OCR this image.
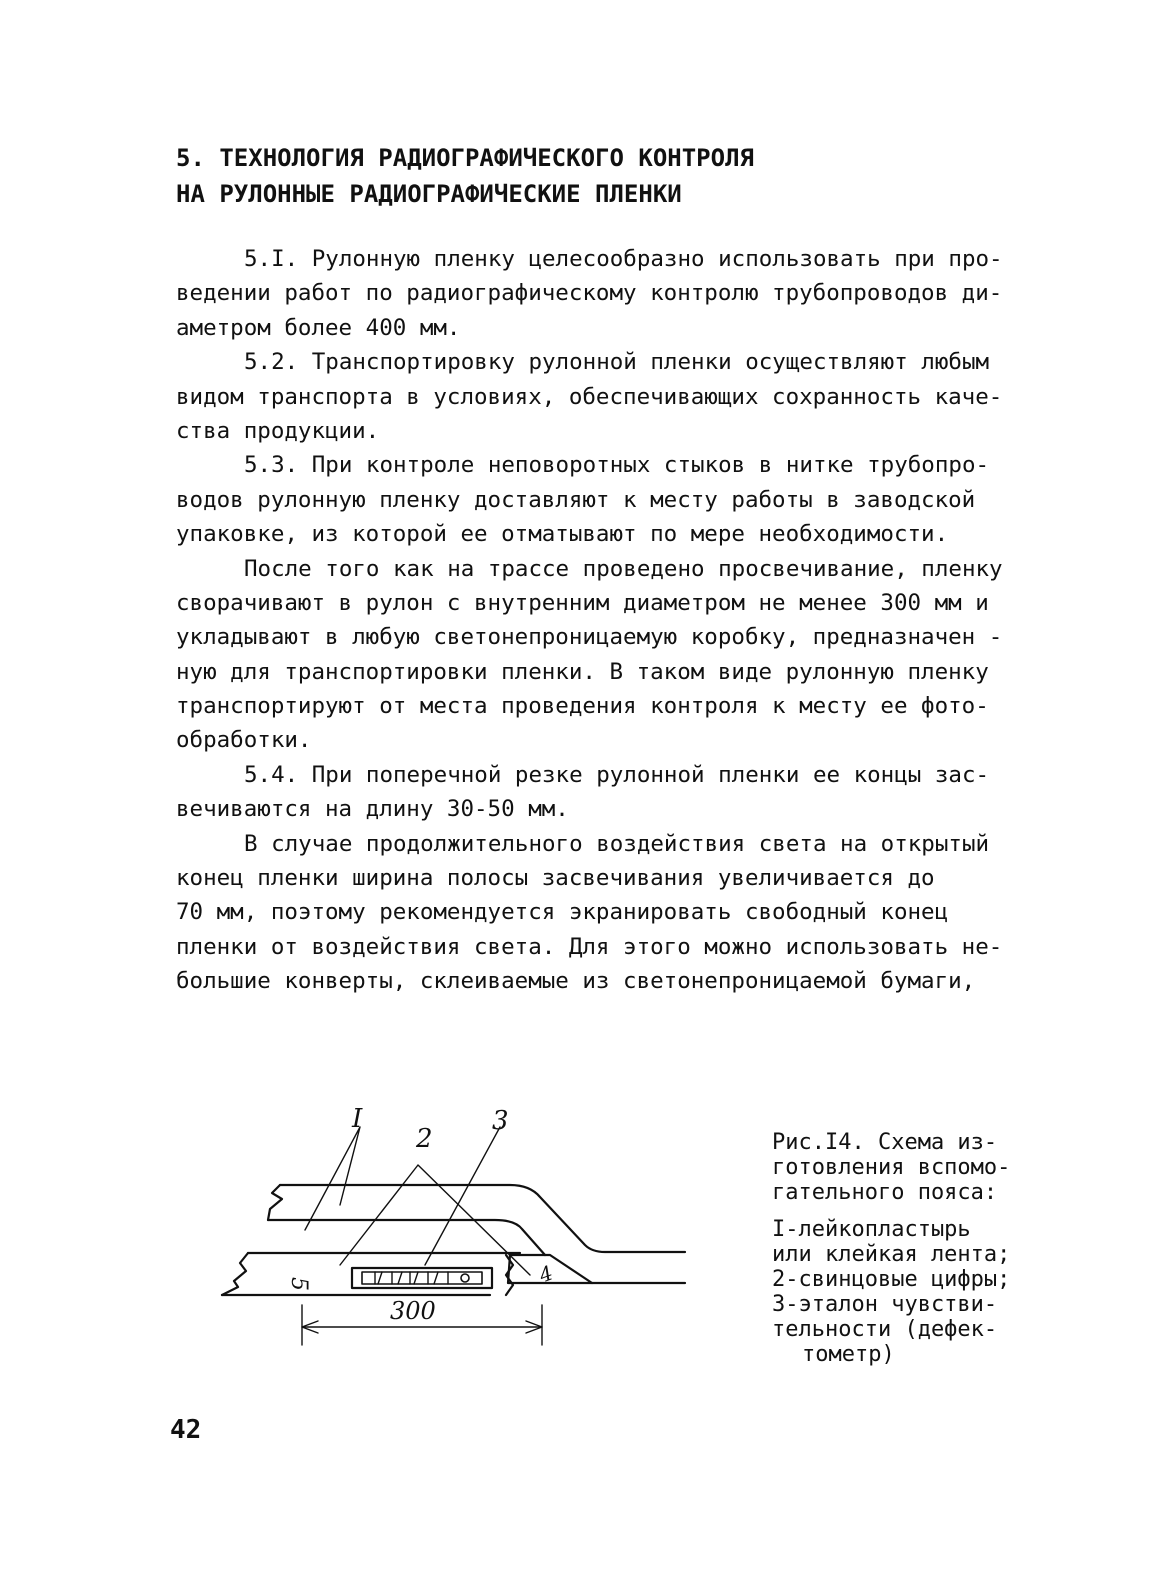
5. ТЕХНОЛОГИЯ РАДИОГРАФИЧЕСКОГО КОНТРОЛЯ
НА РУЛОННЫЕ РАДИОГРАФИЧЕСКИЕ ПЛЕНКИ
5.I. Рулонную пленку целесообразно использовать при про-
ведении работ по радиографическому контролю трубопроводов ди-
аметром более 400 мм.
5.2. Транспортировку рулонной пленки осуществляют любым
видом транспорта в условиях, обеспечивающих сохранность каче-
ства продукции.
5.3. При контроле неповоротных стыков в нитке трубопро-
водов рулонную пленку доставляют к месту работы в заводской
упаковке, из которой ее отматывают по мере необходимости.
После того как на трассе проведено просвечивание, пленку
сворачивают в рулон с внутренним диаметром не менее 300 мм и
укладывают в любую светонепроницаемую коробку, предназначен -
ную для транспортировки пленки. В таком виде рулонную пленку
транспортируют от места проведения контроля к месту ее фото-
обработки.
5.4. При поперечной резке рулонной пленки ее концы зас-
вечиваются на длину 30-50 мм.
В случае продолжительного воздействия света на открытый
конец пленки ширина полосы засвечивания увеличивается до
70 мм, поэтому рекомендуется экранировать свободный конец
пленки от воздействия света. Для этого можно использовать не-
большие конверты, склеиваемые из светонепроницаемой бумаги,
I
2
3
5	4
300
Рис.I4. Схема из-
готовления вспомо-
гательного пояса:
I-лейкопластырь
или клейкая лента;
2-свинцовые цифры;
3-эталон чувстви-
тельности (дефек-
тометр)
42
